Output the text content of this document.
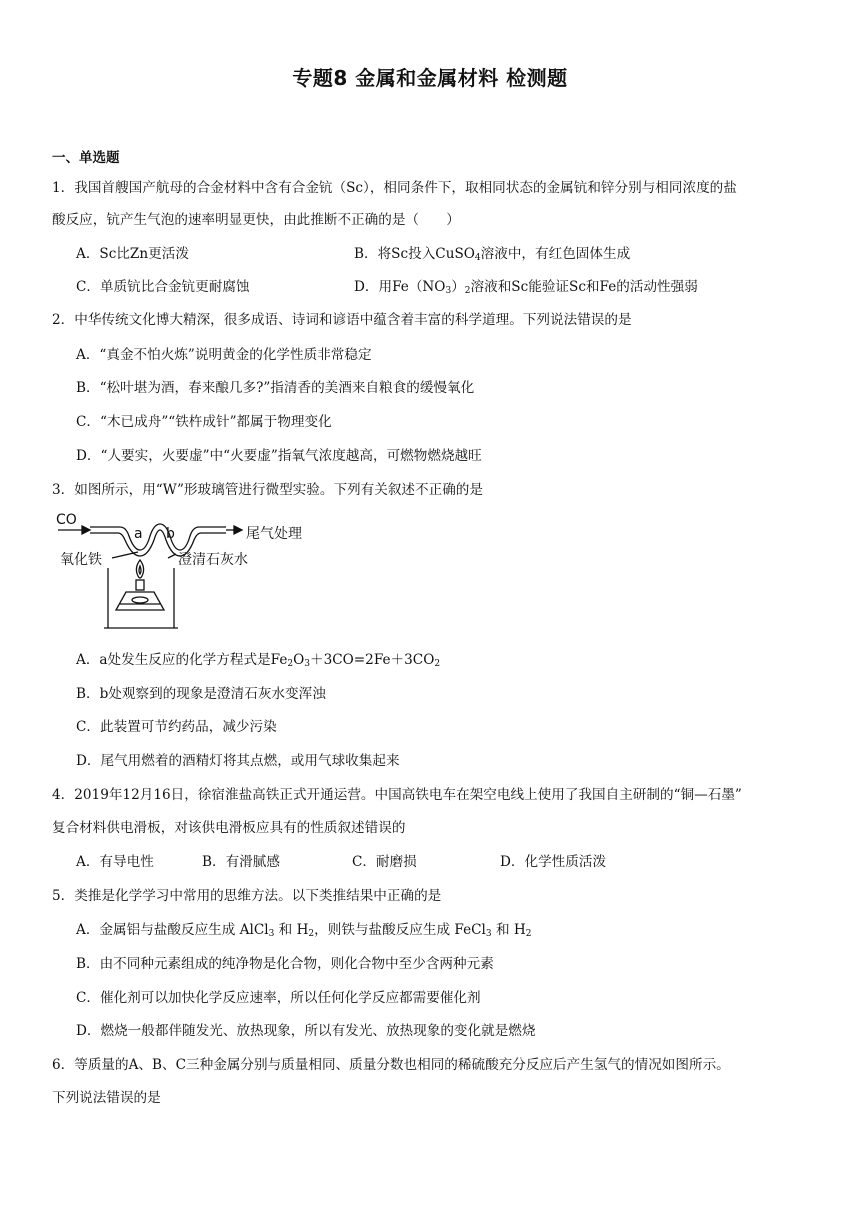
专题8 金属和金属材料 检测题
一、单选题
1．我国首艘国产航母的合金材料中含有合金钪（Sc），相同条件下，取相同状态的金属钪和锌分别与相同浓度的盐
酸反应，钪产生气泡的速率明显更快，由此推断不正确的是（　　）
A．Sc比Zn更活泼	B．将Sc投入CuSO$_4$溶液中，有红色固体生成
C．单质钪比合金钪更耐腐蚀	D．用$Fe(NO_3)_2$溶液和Sc能验证Sc和Fe的活动性强弱
2．中华传统文化博大精深，很多成语、诗词和谚语中蕴含着丰富的科学道理。下列说法错误的是
A．“真金不怕火炼”说明黄金的化学性质非常稳定
B．“松叶堪为酒，春来酿几多?”指清香的美酒来自粮食的缓慢氧化
C．“木已成舟”“铁杵成针”都属于物理变化
D．“人要实，火要虚”中“火要虚”指氧气浓度越高，可燃物燃烧越旺
3．如图所示，用“W”形玻璃管进行微型实验。下列有关叙述不正确的是
CO
a b	尾气处理
氧化铁	澄清石灰水
A．a处发生反应的化学方程式是$Fe_2O_3+3CO=2Fe+3CO_2$
B．b处观察到的现象是澄清石灰水变浑浊
C．此装置可节约药品，减少污染
D．尾气用燃着的酒精灯将其点燃，或用气球收集起来
4．2019年12月16日，徐宿淮盐高铁正式开通运营。中国高铁电车在架空电线上使用了我国自主研制的“铜—石墨”
复合材料供电滑板，对该供电滑板应具有的性质叙述错误的
A．有导电性	B．有滑腻感	C．耐磨损	D．化学性质活泼
5．类推是化学学习中常用的思维方法。以下类推结果中正确的是
A．金属铝与盐酸反应生成 AlCl$_3$ 和 $H_2$，则铁与盐酸反应生成 FeCl$_3$ 和 $H_2$
B．由不同种元素组成的纯净物是化合物，则化合物中至少含两种元素
C．催化剂可以加快化学反应速率，所以任何化学反应都需要催化剂
D．燃烧一般都伴随发光、放热现象，所以有发光、放热现象的变化就是燃烧
6．等质量的A、B、C三种金属分别与质量相同、质量分数也相同的稀硫酸充分反应后产生氢气的情况如图所示。
下列说法错误的是
